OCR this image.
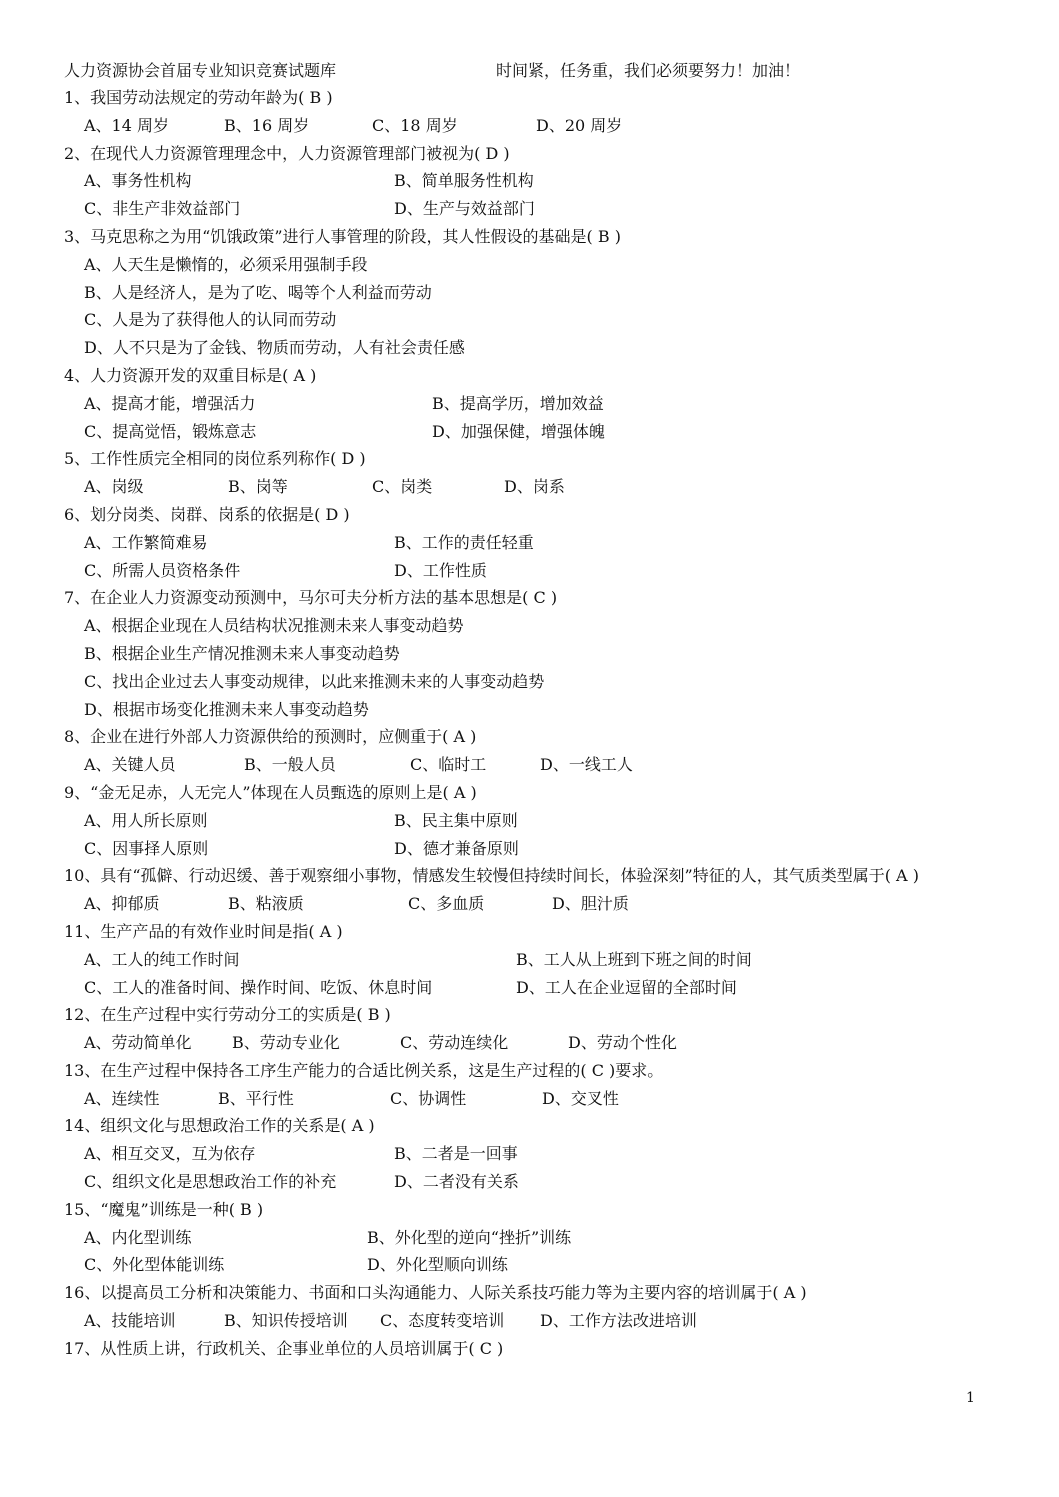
人力资源协会首届专业知识竞赛试题库	时间紧，任务重，我们必须要努力！加油！
1、我国劳动法规定的劳动年龄为( B )
A、14 周岁	B、16 周岁	C、18 周岁	D、20 周岁
2、在现代人力资源管理理念中，人力资源管理部门被视为( D )
A、事务性机构	B、简单服务性机构
C、非生产非效益部门	D、生产与效益部门
3、马克思称之为用“饥饿政策”进行人事管理的阶段，其人性假设的基础是( B )
A、人天生是懒惰的，必须采用强制手段
B、人是经济人，是为了吃、喝等个人利益而劳动
C、人是为了获得他人的认同而劳动
D、人不只是为了金钱、物质而劳动，人有社会责任感
4、人力资源开发的双重目标是( A )
A、提高才能，增强活力	B、提高学历，增加效益
C、提高觉悟，锻炼意志	D、加强保健，增强体魄
5、工作性质完全相同的岗位系列称作( D )
A、岗级	B、岗等	C、岗类	D、岗系
6、划分岗类、岗群、岗系的依据是( D )
A、工作繁简难易	B、工作的责任轻重
C、所需人员资格条件	D、工作性质
7、在企业人力资源变动预测中，马尔可夫分析方法的基本思想是( C )
A、根据企业现在人员结构状况推测未来人事变动趋势
B、根据企业生产情况推测未来人事变动趋势
C、找出企业过去人事变动规律，以此来推测未来的人事变动趋势
D、根据市场变化推测未来人事变动趋势
8、企业在进行外部人力资源供给的预测时，应侧重于( A )
A、关键人员	B、一般人员	C、临时工	D、一线工人
9、“金无足赤，人无完人”体现在人员甄选的原则上是( A )
A、用人所长原则	B、民主集中原则
C、因事择人原则	D、德才兼备原则
10、具有“孤僻、行动迟缓、善于观察细小事物，情感发生较慢但持续时间长，体验深刻”特征的人，其气质类型属于( A )
A、抑郁质	B、粘液质	C、多血质	D、胆汁质
11、生产产品的有效作业时间是指( A )
A、工人的纯工作时间	B、工人从上班到下班之间的时间
C、工人的准备时间、操作时间、吃饭、休息时间	D、工人在企业逗留的全部时间
12、在生产过程中实行劳动分工的实质是( B )
A、劳动简单化	B、劳动专业化	C、劳动连续化	D、劳动个性化
13、在生产过程中保持各工序生产能力的合适比例关系，这是生产过程的( C )要求。
A、连续性	B、平行性	C、协调性	D、交叉性
14、组织文化与思想政治工作的关系是( A )
A、相互交叉，互为依存	B、二者是一回事
C、组织文化是思想政治工作的补充	D、二者没有关系
15、“魔鬼”训练是一种( B )
A、内化型训练	B、外化型的逆向“挫折”训练
C、外化型体能训练	D、外化型顺向训练
16、以提高员工分析和决策能力、书面和口头沟通能力、人际关系技巧能力等为主要内容的培训属于( A )
A、技能培训	B、知识传授培训 C、态度转变培训 D、工作方法改进培训
17、从性质上讲，行政机关、企事业单位的人员培训属于( C )
1
